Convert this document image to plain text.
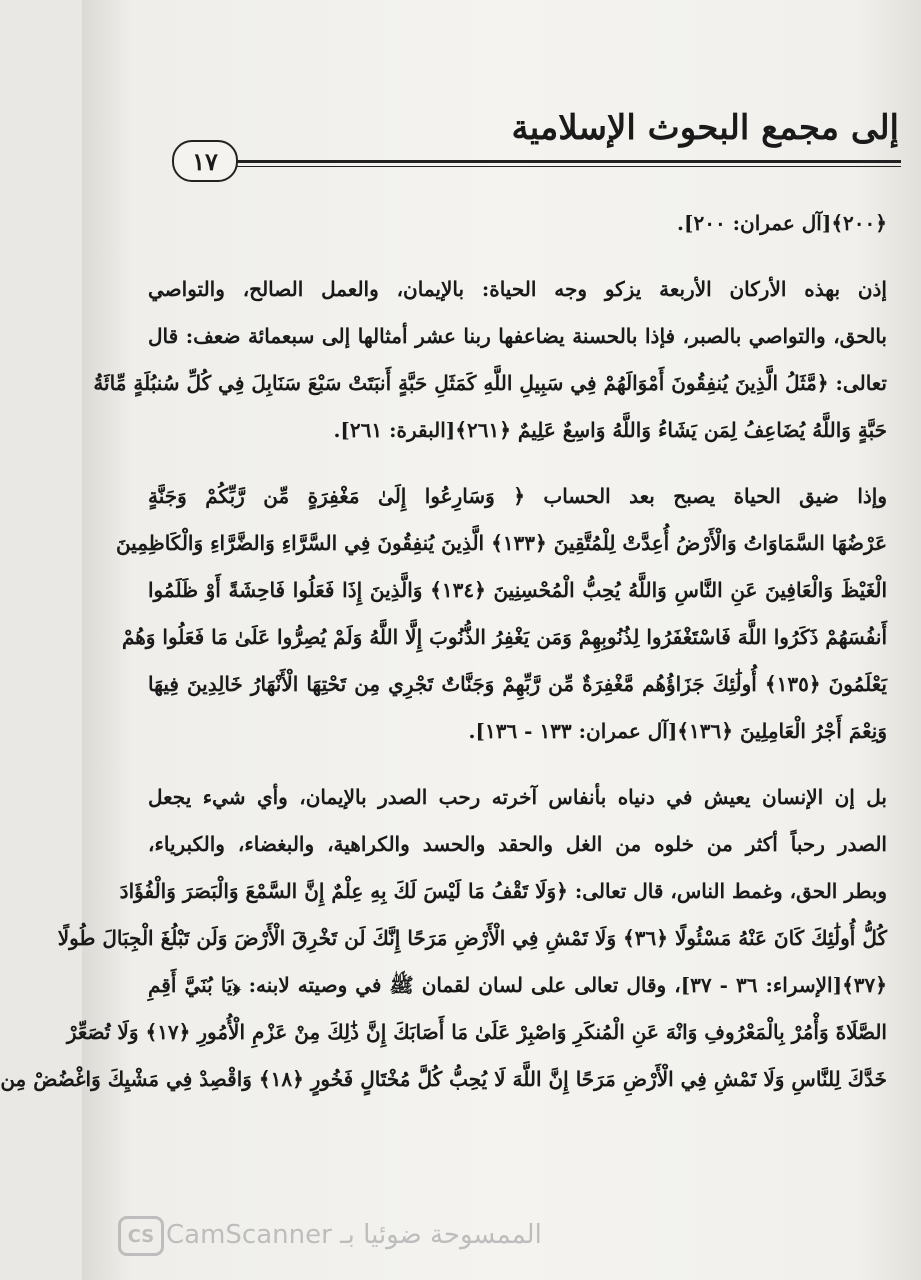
إلى مجمع البحوث الإسلامية
١٧
﴿٢٠٠﴾[آل عمران: ٢٠٠].
إذن بهذه الأركان الأربعة يزكو وجه الحياة: بالإيمان، والعمل الصالح، والتواصي
بالحق، والتواصي بالصبر، فإذا بالحسنة يضاعفها ربنا عشر أمثالها إلى سبعمائة ضعف: قال
تعالى: ﴿مَّثَلُ الَّذِينَ يُنفِقُونَ أَمْوَالَهُمْ فِي سَبِيلِ اللَّهِ كَمَثَلِ حَبَّةٍ أَنبَتَتْ سَبْعَ سَنَابِلَ فِي كُلِّ سُنبُلَةٍ مِّائَةُ
حَبَّةٍ وَاللَّهُ يُضَاعِفُ لِمَن يَشَاءُ وَاللَّهُ وَاسِعٌ عَلِيمٌ ﴿٢٦١﴾[البقرة: ٢٦١].
وإذا ضيق الحياة يصبح بعد الحساب ﴿ وَسَارِعُوا إِلَىٰ مَغْفِرَةٍ مِّن رَّبِّكُمْ وَجَنَّةٍ
عَرْضُهَا السَّمَاوَاتُ وَالْأَرْضُ أُعِدَّتْ لِلْمُتَّقِينَ ﴿١٣٣﴾ الَّذِينَ يُنفِقُونَ فِي السَّرَّاءِ وَالضَّرَّاءِ وَالْكَاظِمِينَ
الْغَيْظَ وَالْعَافِينَ عَنِ النَّاسِ وَاللَّهُ يُحِبُّ الْمُحْسِنِينَ ﴿١٣٤﴾ وَالَّذِينَ إِذَا فَعَلُوا فَاحِشَةً أَوْ ظَلَمُوا
أَنفُسَهُمْ ذَكَرُوا اللَّهَ فَاسْتَغْفَرُوا لِذُنُوبِهِمْ وَمَن يَغْفِرُ الذُّنُوبَ إِلَّا اللَّهُ وَلَمْ يُصِرُّوا عَلَىٰ مَا فَعَلُوا وَهُمْ
يَعْلَمُونَ ﴿١٣٥﴾ أُولَٰئِكَ جَزَاؤُهُم مَّغْفِرَةٌ مِّن رَّبِّهِمْ وَجَنَّاتٌ تَجْرِي مِن تَحْتِهَا الْأَنْهَارُ خَالِدِينَ فِيهَا
وَنِعْمَ أَجْرُ الْعَامِلِينَ ﴿١٣٦﴾[آل عمران: ١٣٣ - ١٣٦].
بل إن الإنسان يعيش في دنياه بأنفاس آخرته رحب الصدر بالإيمان، وأي شيء يجعل
الصدر رحباً أكثر من خلوه من الغل والحقد والحسد والكراهية، والبغضاء، والكبرياء،
وبطر الحق، وغمط الناس، قال تعالى: ﴿وَلَا تَقْفُ مَا لَيْسَ لَكَ بِهِ عِلْمٌ إِنَّ السَّمْعَ وَالْبَصَرَ وَالْفُؤَادَ
كُلُّ أُولَٰئِكَ كَانَ عَنْهُ مَسْئُولًا ﴿٣٦﴾ وَلَا تَمْشِ فِي الْأَرْضِ مَرَحًا إِنَّكَ لَن تَخْرِقَ الْأَرْضَ وَلَن تَبْلُغَ الْجِبَالَ طُولًا
﴿٣٧﴾[الإسراء: ٣٦ - ٣٧]، وقال تعالى على لسان لقمان ﷺ في وصيته لابنه: ﴿يَا بُنَيَّ أَقِمِ
الصَّلَاةَ وَأْمُرْ بِالْمَعْرُوفِ وَانْهَ عَنِ الْمُنكَرِ وَاصْبِرْ عَلَىٰ مَا أَصَابَكَ إِنَّ ذَٰلِكَ مِنْ عَزْمِ الْأُمُورِ ﴿١٧﴾ وَلَا تُصَعِّرْ
خَدَّكَ لِلنَّاسِ وَلَا تَمْشِ فِي الْأَرْضِ مَرَحًا إِنَّ اللَّهَ لَا يُحِبُّ كُلَّ مُخْتَالٍ فَخُورٍ ﴿١٨﴾ وَاقْصِدْ فِي مَشْيِكَ وَاغْضُضْ مِن
CS CamScanner الممسوحة ضوئيا بـ
